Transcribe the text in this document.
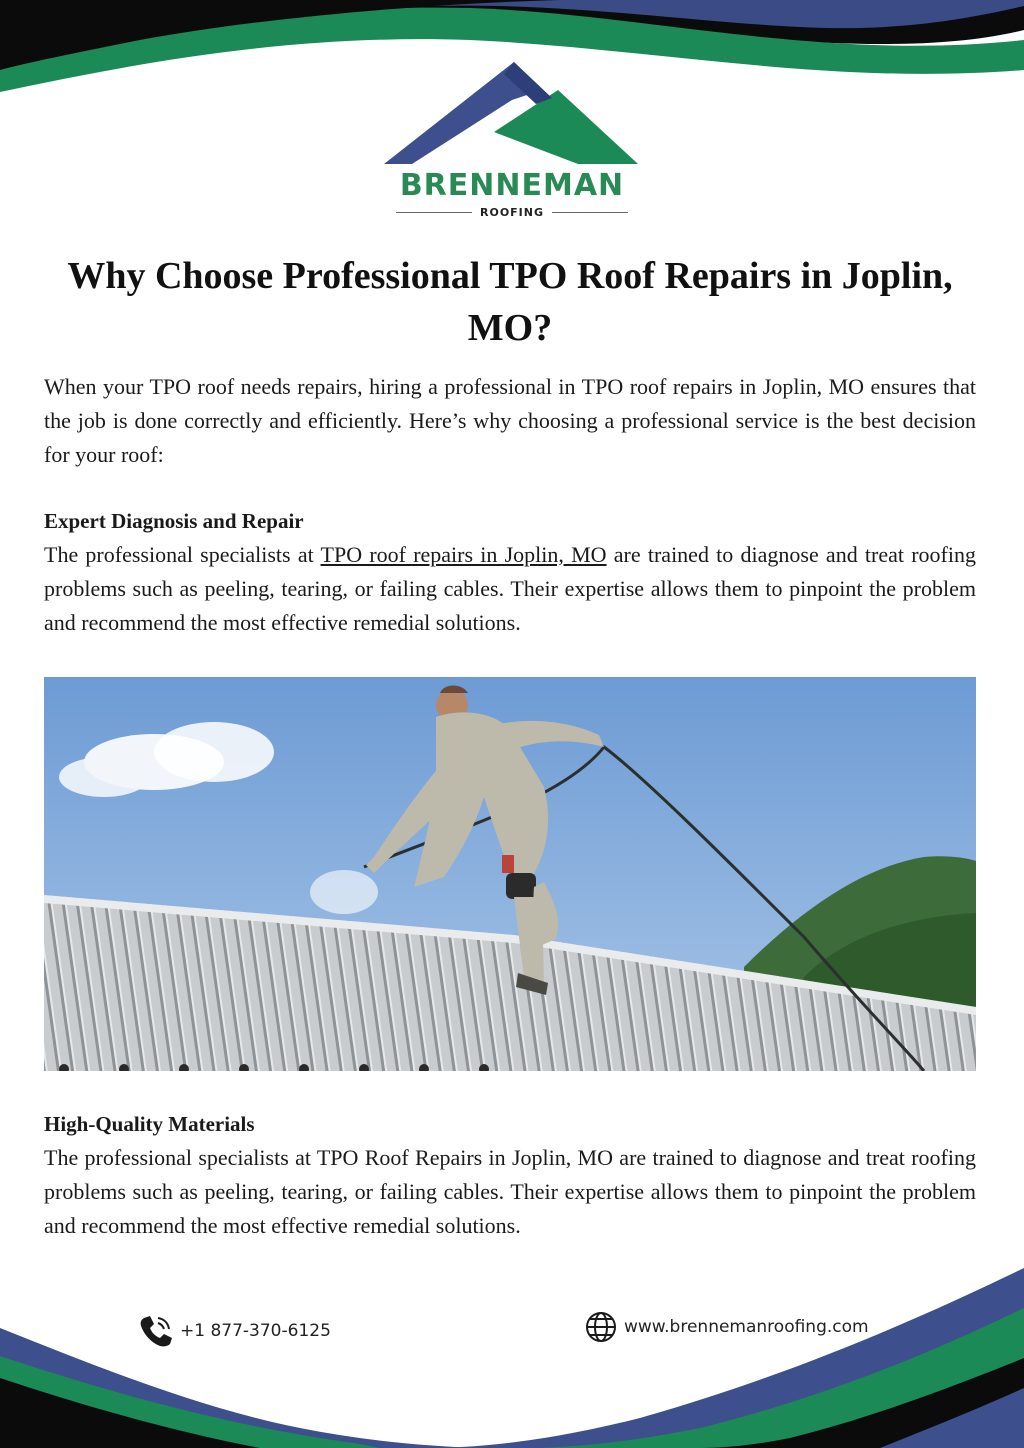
BRENNEMAN
ROOFING
Why Choose Professional TPO Roof Repairs in Joplin, MO?

When your TPO roof needs repairs, hiring a professional in TPO roof repairs in Joplin, MO ensures that the job is done correctly and efficiently. Here’s why choosing a professional service is the best decision for your roof:

Expert Diagnosis and Repair
The professional specialists at TPO roof repairs in Joplin, MO are trained to diagnose and treat roofing problems such as peeling, tearing, or failing cables. Their expertise allows them to pinpoint the problem and recommend the most effective remedial solutions.
High-Quality Materials
The professional specialists at TPO Roof Repairs in Joplin, MO are trained to diagnose and treat roofing problems such as peeling, tearing, or failing cables. Their expertise allows them to pinpoint the problem and recommend the most effective remedial solutions.
+1 877-370-6125	www.brennemanroofing.com
